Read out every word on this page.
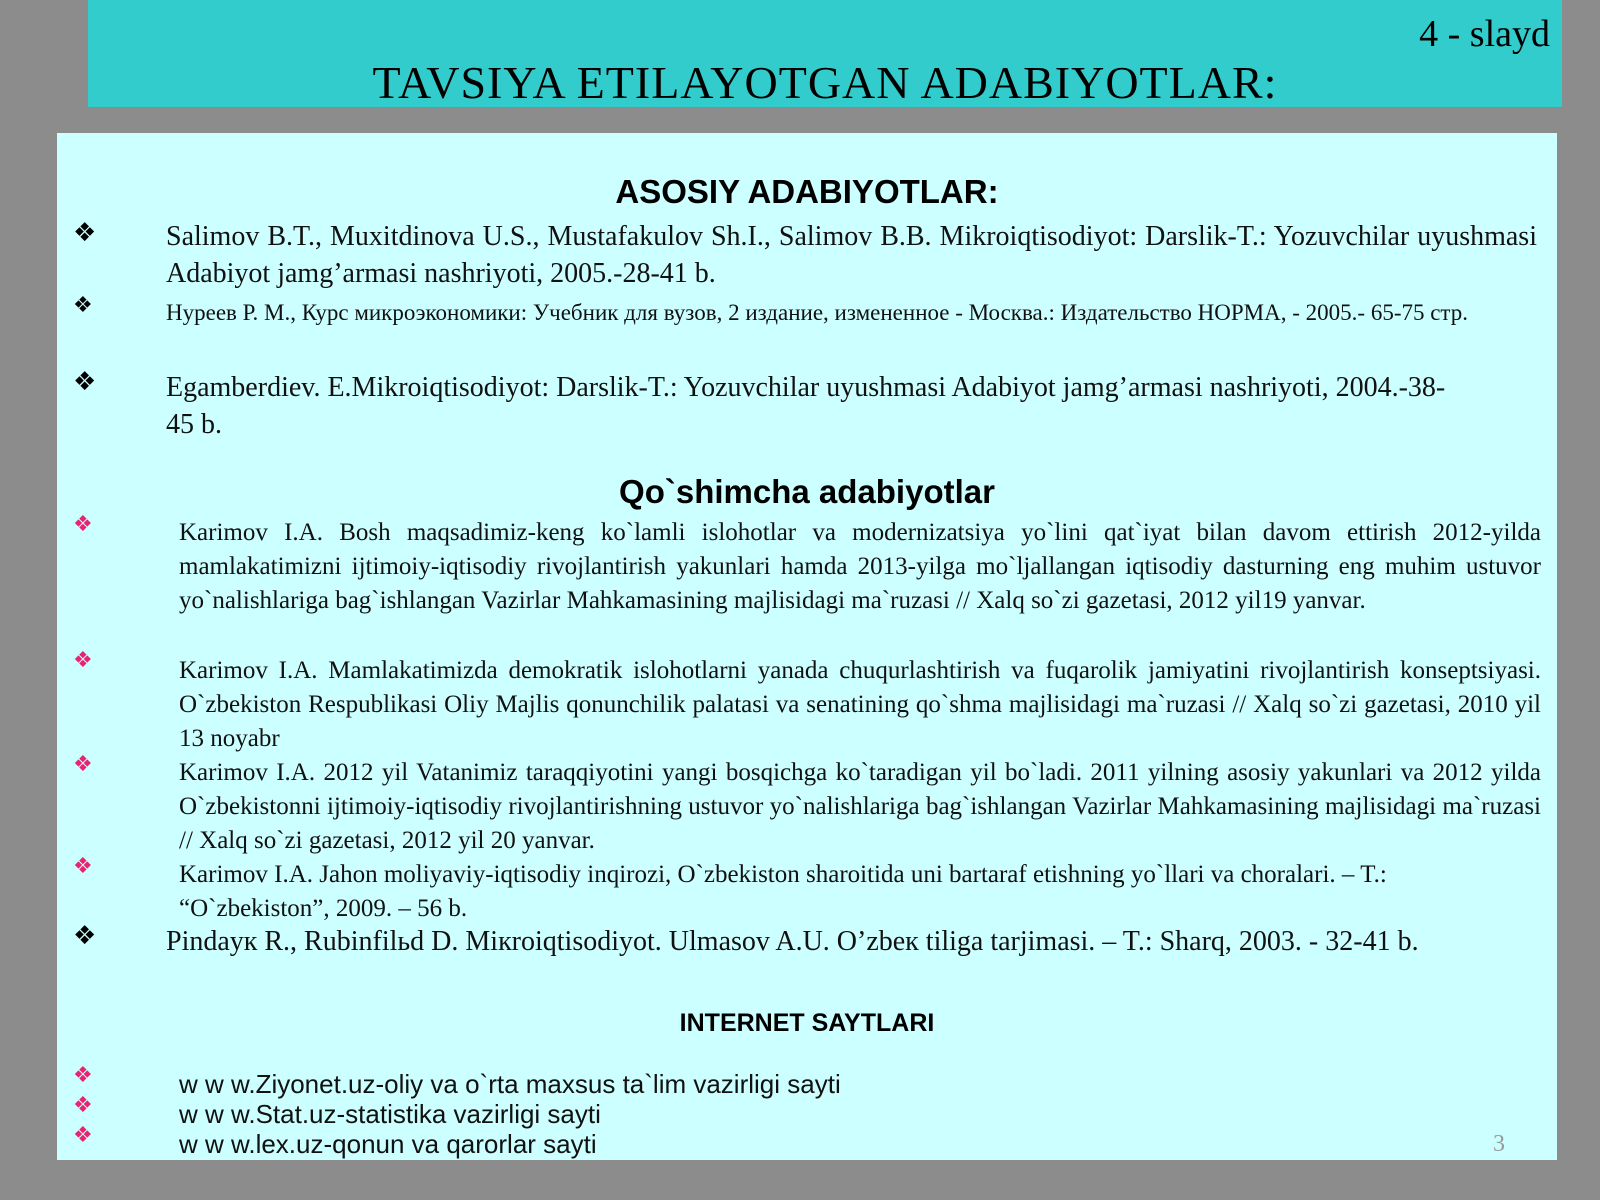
4 - slayd
TAVSIYA ETILAYOTGAN ADABIYOTLAR:
ASOSIY ADABIYOTLAR:
❖ Salimov B.T., Muxitdinova U.S., Mustafakulov Sh.I., Salimov B.B. Mikroiqtisodiyot: Darslik-T.: Yozuvchilar uyushmasi Adabiyot jamg’armasi nashriyoti, 2005.-28-41 b.
❖	Нуреев Р. М., Курс микроэкономики: Учебник для вузов, 2 издание, измененное - Москва.: Издательство НОРМА, - 2005.- 65-75 стр.
❖ Egamberdiev. E.Mikroiqtisodiyot: Darslik-T.: Yozuvchilar uyushmasi Adabiyot jamg’armasi nashriyoti, 2004.-38-45 b.
Qo`shimcha adabiyotlar
❖	Karimov I.A. Bosh maqsadimiz-keng ko`lamli islohotlar va modernizatsiya yo`lini qat`iyat bilan davom ettirish 2012-yilda mamlakatimizni ijtimoiy-iqtisodiy rivojlantirish yakunlari hamda 2013-yilga mo`ljallangan iqtisodiy dasturning eng muhim ustuvor yo`nalishlariga bag`ishlangan Vazirlar Mahkamasining majlisidagi ma`ruzasi // Xalq so`zi gazetasi, 2012 yil19 yanvar.
❖	Karimov I.A. Mamlakatimizda demokratik islohotlarni yanada chuqurlashtirish va fuqarolik jamiyatini rivojlantirish konseptsiyasi. O`zbekiston Respublikasi Oliy Majlis qonunchilik palatasi va senatining qo`shma majlisidagi ma`ruzasi // Xalq so`zi gazetasi, 2010 yil 13 noyabr
❖	Karimov I.A. 2012 yil Vatanimiz taraqqiyotini yangi bosqichga ko`taradigan yil bo`ladi. 2011 yilning asosiy yakunlari va 2012 yilda O`zbekistonni ijtimoiy-iqtisodiy rivojlantirishning ustuvor yo`nalishlariga bag`ishlangan Vazirlar Mahkamasining majlisidagi ma`ruzasi // Xalq so`zi gazetasi, 2012 yil 20 yanvar.
❖	Karimov I.A. Jahon moliyaviy-iqtisodiy inqirozi, O`zbekiston sharoitida uni bartaraf etishning yo`llari va choralari. – T.: “O`zbekiston”, 2009. – 56 b.
❖ Pindaук R., Rubinfilьd D. Mікroiqtisodiyot. Ulmasov A.U. O’zbeк tiliga tarjimasi. – T.: Sharq, 2003. - 32-41 b.
INTERNET SAYTLARI
❖	w w w.Ziyonet.uz-oliy va o`rta maxsus ta`lim vazirligi sayti
❖	w w w.Stat.uz-statistika vazirligi sayti
❖	w w w.lex.uz-qonun va qarorlar sayti	3
